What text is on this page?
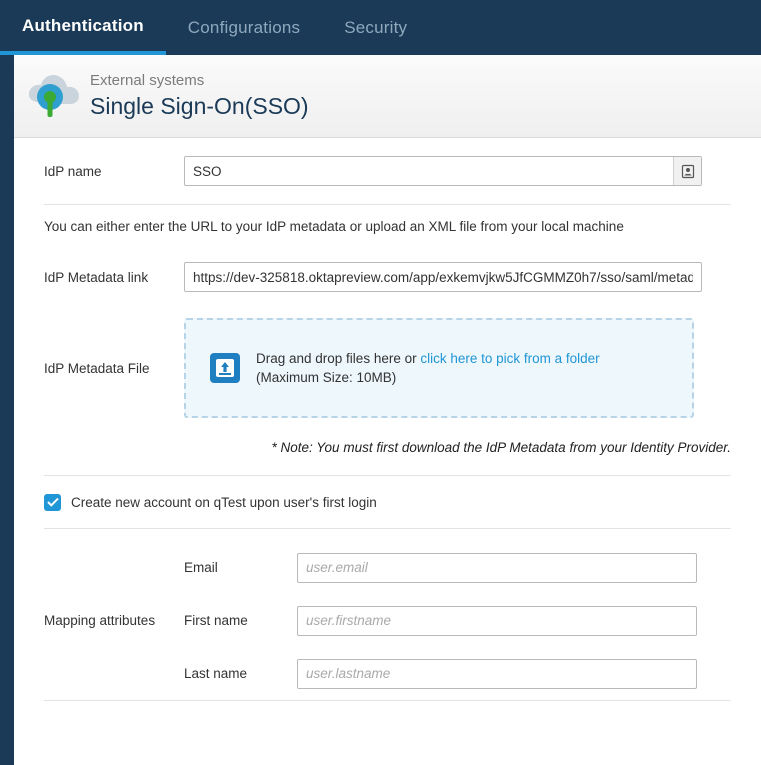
Authentication	Configurations	Security
External systems
Single Sign-On(SSO)
IdP name
SSO
You can either enter the URL to your IdP metadata or upload an XML file from your local machine
IdP Metadata link
https://dev-325818.oktapreview.com/app/exkemvjkw5JfCGMMZ0h7/sso/saml/metadata
IdP Metadata File
Drag and drop files here or click here to pick from a folder
(Maximum Size: 10MB)
* Note: You must first download the IdP Metadata from your Identity Provider.
Create new account on qTest upon user's first login
Mapping attributes
Email
user.email
First name
user.firstname
Last name
user.lastname
